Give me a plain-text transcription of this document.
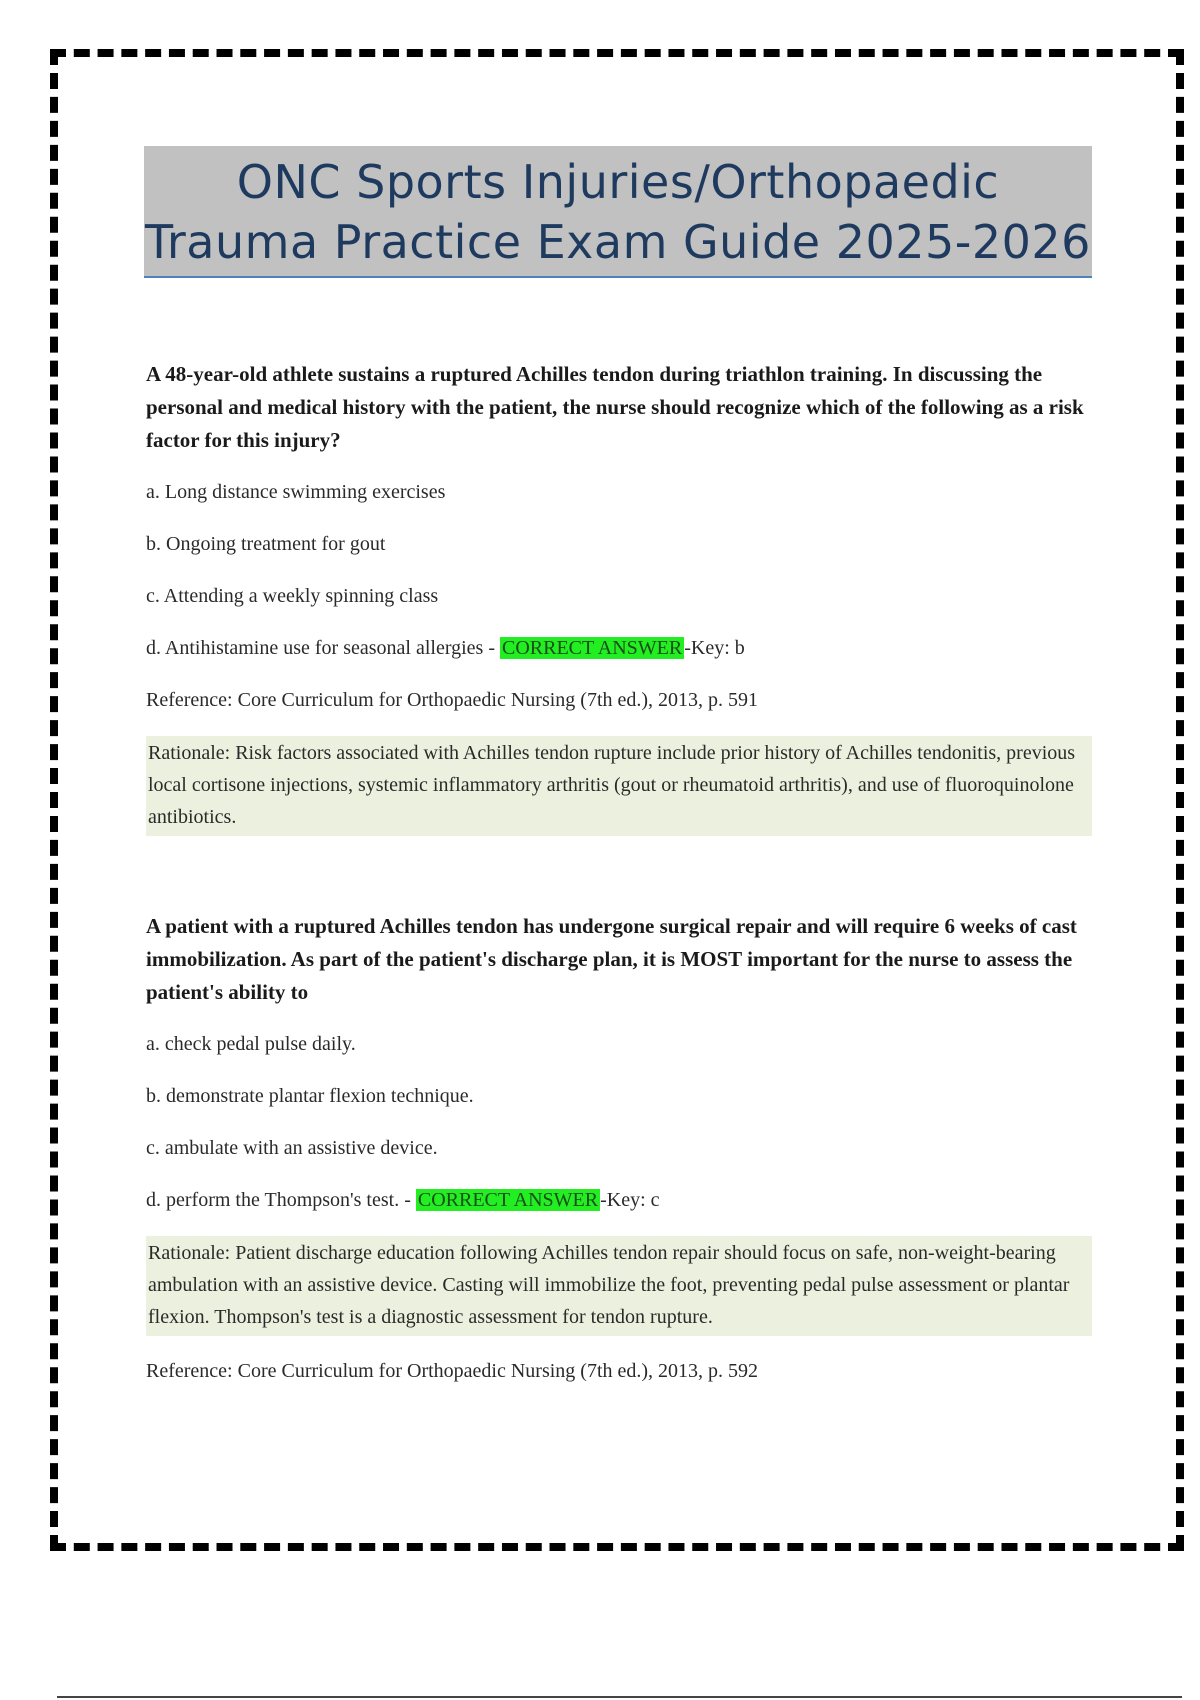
ONC Sports Injuries/Orthopaedic
Trauma Practice Exam Guide 2025-2026

A 48-year-old athlete sustains a ruptured Achilles tendon during triathlon training. In discussing the personal and medical history with the patient, the nurse should recognize which of the following as a risk factor for this injury?

a. Long distance swimming exercises

b. Ongoing treatment for gout

c. Attending a weekly spinning class

d. Antihistamine use for seasonal allergies - CORRECT ANSWER -Key: b

Reference: Core Curriculum for Orthopaedic Nursing (7th ed.), 2013, p. 591

Rationale: Risk factors associated with Achilles tendon rupture include prior history of Achilles tendonitis, previous local cortisone injections, systemic inflammatory arthritis (gout or rheumatoid arthritis), and use of fluoroquinolone antibiotics.

A patient with a ruptured Achilles tendon has undergone surgical repair and will require 6 weeks of cast immobilization. As part of the patient's discharge plan, it is MOST important for the nurse to assess the patient's ability to

a. check pedal pulse daily.

b. demonstrate plantar flexion technique.

c. ambulate with an assistive device.

d. perform the Thompson's test. - CORRECT ANSWER -Key: c

Rationale: Patient discharge education following Achilles tendon repair should focus on safe, non-weight-bearing ambulation with an assistive device. Casting will immobilize the foot, preventing pedal pulse assessment or plantar flexion. Thompson's test is a diagnostic assessment for tendon rupture.

Reference: Core Curriculum for Orthopaedic Nursing (7th ed.), 2013, p. 592
